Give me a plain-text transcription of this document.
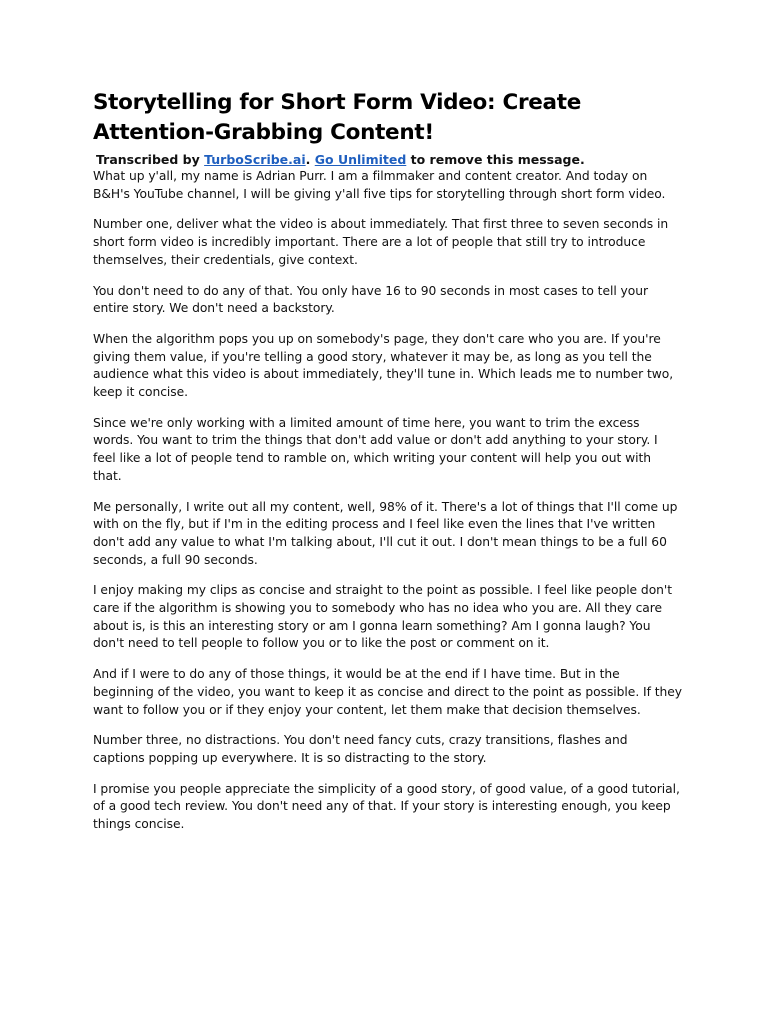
Storytelling for Short Form Video: Create Attention-Grabbing Content!
Transcribed by TurboScribe.ai. Go Unlimited to remove this message.

What up y'all, my name is Adrian Purr. I am a filmmaker and content creator. And today on B&H's YouTube channel, I will be giving y'all five tips for storytelling through short form video.

Number one, deliver what the video is about immediately. That first three to seven seconds in short form video is incredibly important. There are a lot of people that still try to introduce themselves, their credentials, give context.

You don't need to do any of that. You only have 16 to 90 seconds in most cases to tell your entire story. We don't need a backstory.

When the algorithm pops you up on somebody's page, they don't care who you are. If you're giving them value, if you're telling a good story, whatever it may be, as long as you tell the audience what this video is about immediately, they'll tune in. Which leads me to number two, keep it concise.

Since we're only working with a limited amount of time here, you want to trim the excess words. You want to trim the things that don't add value or don't add anything to your story. I feel like a lot of people tend to ramble on, which writing your content will help you out with that.

Me personally, I write out all my content, well, 98% of it. There's a lot of things that I'll come up with on the fly, but if I'm in the editing process and I feel like even the lines that I've written don't add any value to what I'm talking about, I'll cut it out. I don't mean things to be a full 60 seconds, a full 90 seconds.

I enjoy making my clips as concise and straight to the point as possible. I feel like people don't care if the algorithm is showing you to somebody who has no idea who you are. All they care about is, is this an interesting story or am I gonna learn something? Am I gonna laugh? You don't need to tell people to follow you or to like the post or comment on it.

And if I were to do any of those things, it would be at the end if I have time. But in the beginning of the video, you want to keep it as concise and direct to the point as possible. If they want to follow you or if they enjoy your content, let them make that decision themselves.

Number three, no distractions. You don't need fancy cuts, crazy transitions, flashes and captions popping up everywhere. It is so distracting to the story.

I promise you people appreciate the simplicity of a good story, of good value, of a good tutorial, of a good tech review. You don't need any of that. If your story is interesting enough, you keep things concise.
